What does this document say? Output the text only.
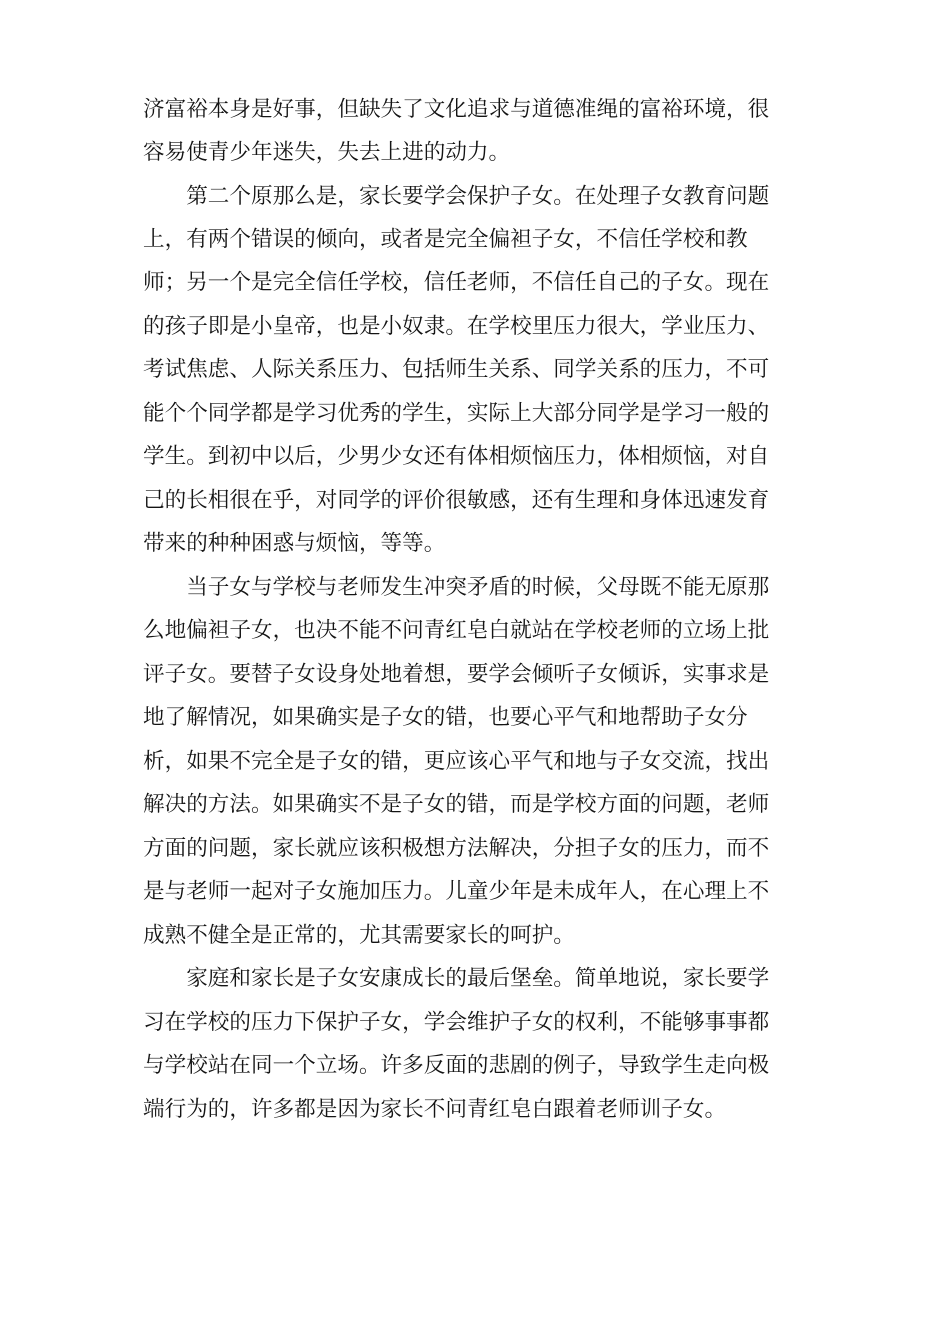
济富裕本身是好事，但缺失了文化追求与道德准绳的富裕环境，很
容易使青少年迷失，失去上进的动力。
　　第二个原那么是，家长要学会保护子女。在处理子女教育问题
上，有两个错误的倾向，或者是完全偏袒子女，不信任学校和教
师；另一个是完全信任学校，信任老师，不信任自己的子女。现在
的孩子即是小皇帝，也是小奴隶。在学校里压力很大，学业压力、
考试焦虑、人际关系压力、包括师生关系、同学关系的压力，不可
能个个同学都是学习优秀的学生，实际上大部分同学是学习一般的
学生。到初中以后，少男少女还有体相烦恼压力，体相烦恼，对自
己的长相很在乎，对同学的评价很敏感，还有生理和身体迅速发育
带来的种种困惑与烦恼，等等。
　　当子女与学校与老师发生冲突矛盾的时候，父母既不能无原那
么地偏袒子女，也决不能不问青红皂白就站在学校老师的立场上批
评子女。要替子女设身处地着想，要学会倾听子女倾诉，实事求是
地了解情况，如果确实是子女的错，也要心平气和地帮助子女分
析，如果不完全是子女的错，更应该心平气和地与子女交流，找出
解决的方法。如果确实不是子女的错，而是学校方面的问题，老师
方面的问题，家长就应该积极想方法解决，分担子女的压力，而不
是与老师一起对子女施加压力。儿童少年是未成年人，在心理上不
成熟不健全是正常的，尤其需要家长的呵护。
　　家庭和家长是子女安康成长的最后堡垒。简单地说，家长要学
习在学校的压力下保护子女，学会维护子女的权利，不能够事事都
与学校站在同一个立场。许多反面的悲剧的例子，导致学生走向极
端行为的，许多都是因为家长不问青红皂白跟着老师训子女。
